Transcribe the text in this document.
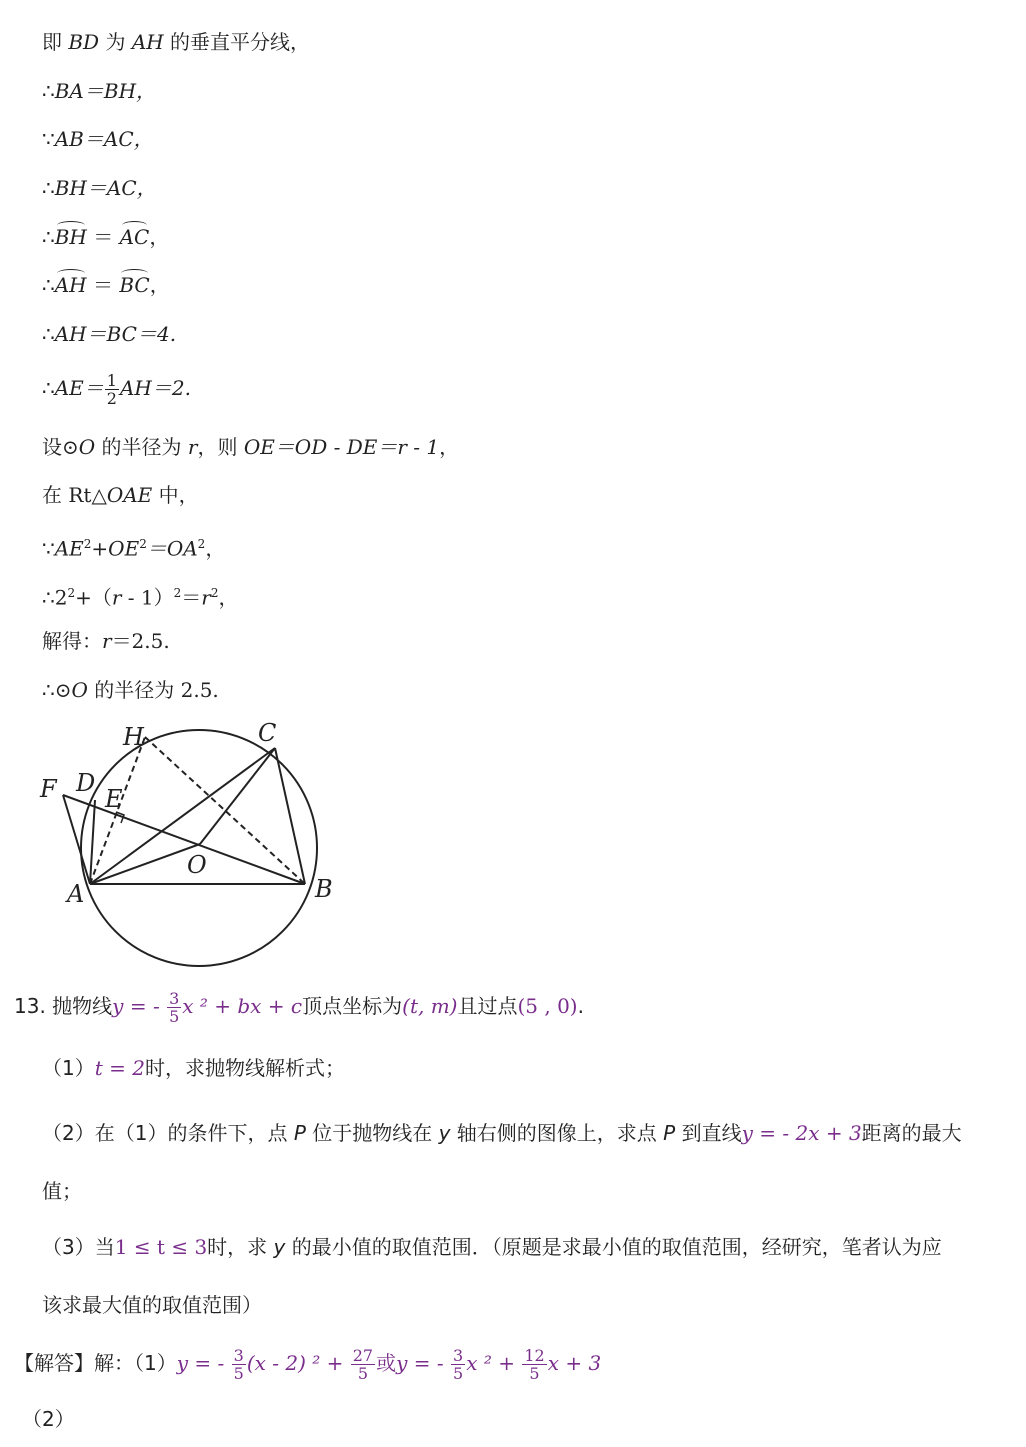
即 BD 为 AH 的垂直平分线，
∴BA＝BH，
∵AB＝AC，
∴BH＝AC，
∴BH ＝ AC，
∴AH ＝ BC，
∴AH＝BC＝4.
∴AE＝ $\frac{1}{2} AH=2$.
设⊙O 的半径为 r，则 OE＝OD - DE＝r - 1，
在 Rt△OAE 中，
$\because AE^2+OE^2=OA^2$，
$\therefore 2^2+(r - 1)^2=r^2$，
解得：r＝2.5.
∴⊙O 的半径为 2.5.
H	C
F D
E
O
A	B
13. 抛物线y = - $\frac{3}{5}$ x ² + bx + c顶点坐标为(t, m)且过点(5 , 0).
（1）t = 2时，求抛物线解析式；
（2）在（1）的条件下，点 P 位于抛物线在 y 轴右侧的图像上，求点 P 到直线y = - 2x + 3距离的最大
值；
（3）当1 ≤ t ≤ 3时，求 y 的最小值的取值范围．（原题是求最小值的取值范围，经研究，笔者认为应
该求最大值的取值范围）
【解答】解：（1）y = - $\frac{3}{5} (x - 2) ^2 + \frac{27}{5}$ 或y = - $\frac{3}{5}$ x $^2 + \frac{12}{5}$ x + 3
（2）
